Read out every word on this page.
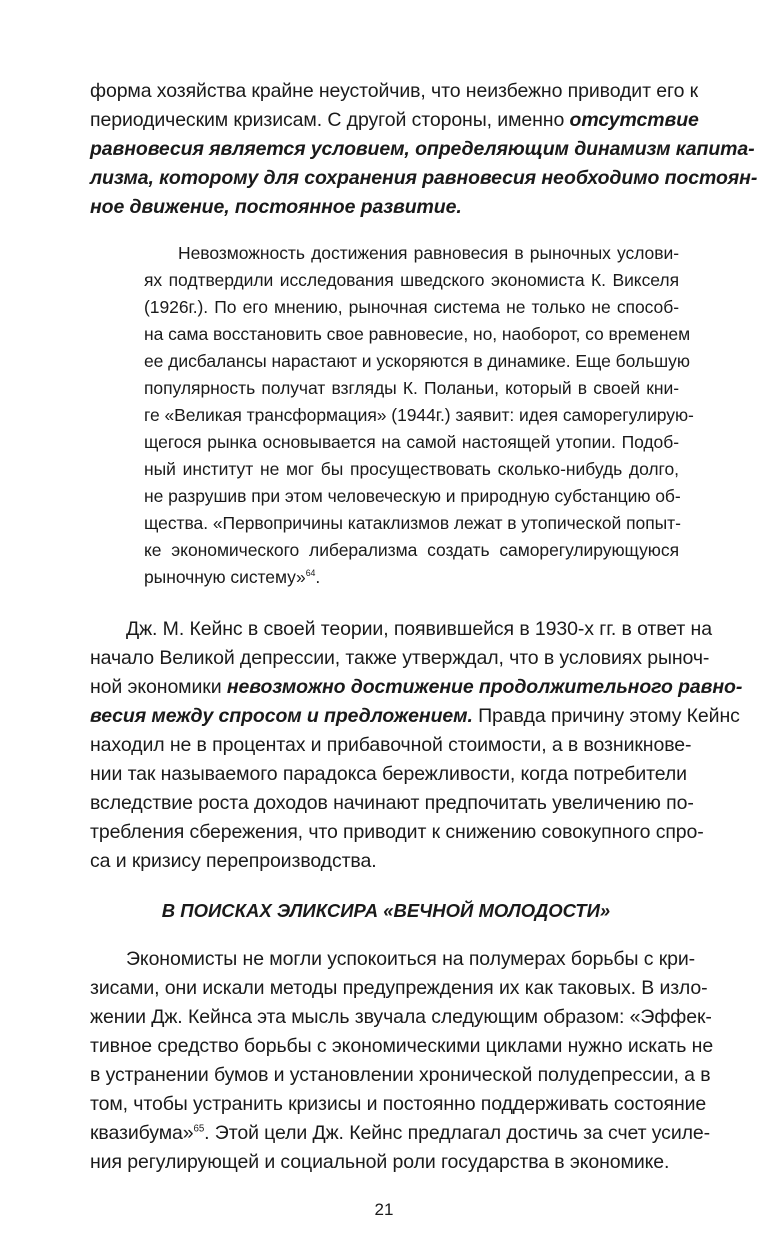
форма хозяйства крайне неустойчив, что неизбежно приводит его к
периодическим кризисам. С другой стороны, именно отсутствие
равновесия является условием, определяющим динамизм капита-
лизма, которому для сохранения равновесия необходимо постоян-
ное движение, постоянное развитие.
Невозможность достижения равновесия в рыночных услови-
ях подтвердили исследования шведского экономиста К. Викселя
(1926г.). По его мнению, рыночная система не только не способ-
на сама восстановить свое равновесие, но, наоборот, со временем
ее дисбалансы нарастают и ускоряются в динамике. Еще большую
популярность получат взгляды К. Поланьи, который в своей кни-
ге «Великая трансформация» (1944г.) заявит: идея саморегулирую-
щегося рынка основывается на самой настоящей утопии. Подоб-
ный институт не мог бы просуществовать сколько-нибудь долго,
не разрушив при этом человеческую и природную субстанцию об-
щества. «Первопричины катаклизмов лежат в утопической попыт-
ке экономического либерализма создать саморегулирующуюся
рыночную систему»$^{64}$.
Дж. М. Кейнс в своей теории, появившейся в 1930-х гг. в ответ на
начало Великой депрессии, также утверждал, что в условиях рыноч-
ной экономики невозможно достижение продолжительного равно-
весия между спросом и предложением. Правда причину этому Кейнс
находил не в процентах и прибавочной стоимости, а в возникнове-
нии так называемого парадокса бережливости, когда потребители
вследствие роста доходов начинают предпочитать увеличению по-
требления сбережения, что приводит к снижению совокупного спро-
са и кризису перепроизводства.
В ПОИСКАХ ЭЛИКСИРА «ВЕЧНОЙ МОЛОДОСТИ»
Экономисты не могли успокоиться на полумерах борьбы с кри-
зисами, они искали методы предупреждения их как таковых. В изло-
жении Дж. Кейнса эта мысль звучала следующим образом: «Эффек-
тивное средство борьбы с экономическими циклами нужно искать не
в устранении бумов и установлении хронической полудепрессии, а в
том, чтобы устранить кризисы и постоянно поддерживать состояние
квазибума»$^{65}$. Этой цели Дж. Кейнс предлагал достичь за счет усиле-
ния регулирующей и социальной роли государства в экономике.
21
